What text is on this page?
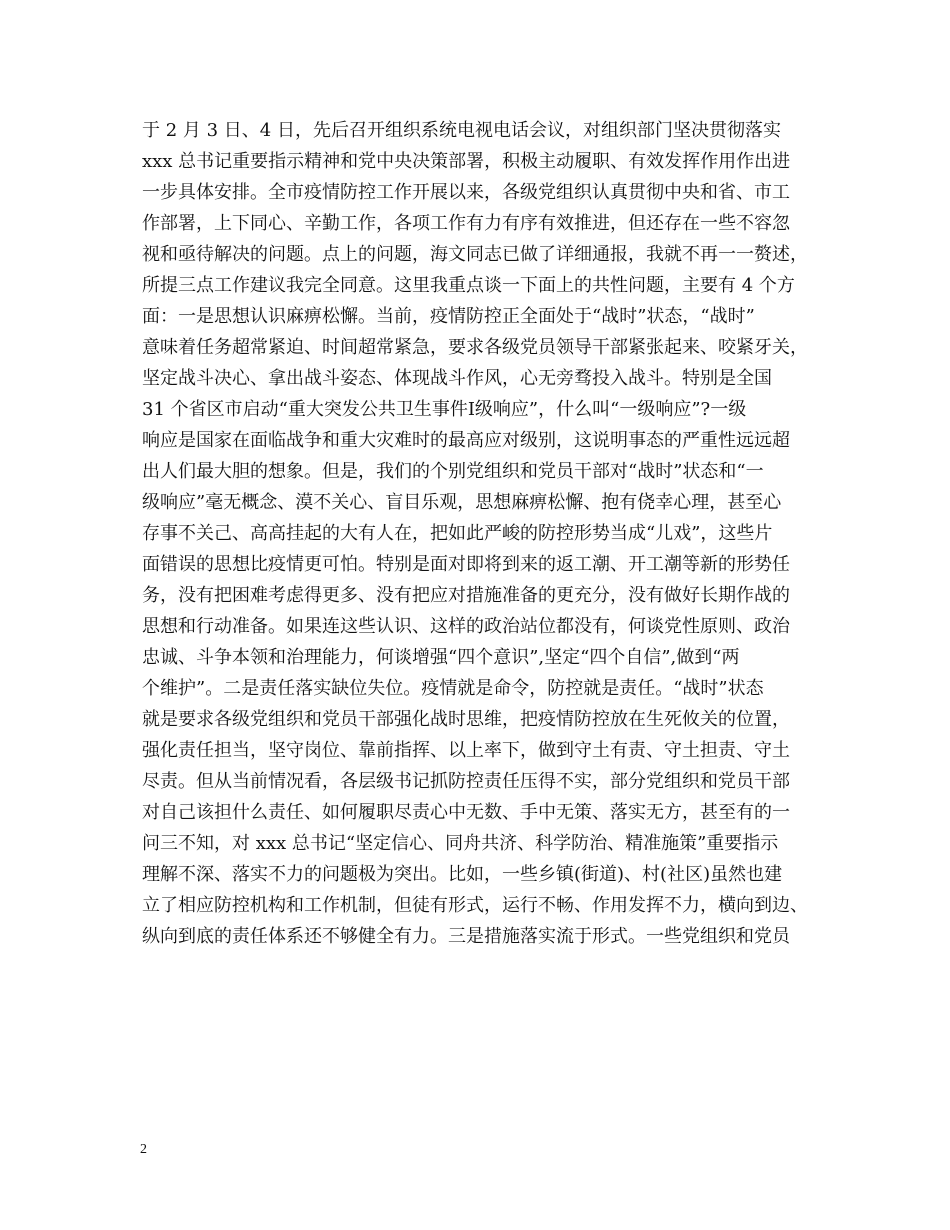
于 2 月 3 日、4 日，先后召开组织系统电视电话会议，对组织部门坚决贯彻落实
xxx 总书记重要指示精神和党中央决策部署，积极主动履职、有效发挥作用作出进
一步具体安排。全市疫情防控工作开展以来，各级党组织认真贯彻中央和省、市工
作部署，上下同心、辛勤工作，各项工作有力有序有效推进，但还存在一些不容忽
视和亟待解决的问题。点上的问题，海文同志已做了详细通报，我就不再一一赘述，
所提三点工作建议我完全同意。这里我重点谈一下面上的共性问题，主要有 4 个方
面：一是思想认识麻痹松懈。当前，疫情防控正全面处于“战时”状态，“战时”
意味着任务超常紧迫、时间超常紧急，要求各级党员领导干部紧张起来、咬紧牙关，
坚定战斗决心、拿出战斗姿态、体现战斗作风，心无旁骛投入战斗。特别是全国
31 个省区市启动“重大突发公共卫生事件Ⅰ级响应”，什么叫“一级响应”?一级
响应是国家在面临战争和重大灾难时的最高应对级别，这说明事态的严重性远远超
出人们最大胆的想象。但是，我们的个别党组织和党员干部对“战时”状态和“一
级响应”毫无概念、漠不关心、盲目乐观，思想麻痹松懈、抱有侥幸心理，甚至心
存事不关己、高高挂起的大有人在，把如此严峻的防控形势当成“儿戏”，这些片
面错误的思想比疫情更可怕。特别是面对即将到来的返工潮、开工潮等新的形势任
务，没有把困难考虑得更多、没有把应对措施准备的更充分，没有做好长期作战的
思想和行动准备。如果连这些认识、这样的政治站位都没有，何谈党性原则、政治
忠诚、斗争本领和治理能力，何谈增强“四个意识”,坚定“四个自信”,做到“两
个维护”。二是责任落实缺位失位。疫情就是命令，防控就是责任。“战时”状态
就是要求各级党组织和党员干部强化战时思维，把疫情防控放在生死攸关的位置，
强化责任担当，坚守岗位、靠前指挥、以上率下，做到守土有责、守土担责、守土
尽责。但从当前情况看，各层级书记抓防控责任压得不实，部分党组织和党员干部
对自己该担什么责任、如何履职尽责心中无数、手中无策、落实无方，甚至有的一
问三不知，对 xxx 总书记“坚定信心、同舟共济、科学防治、精准施策”重要指示
理解不深、落实不力的问题极为突出。比如，一些乡镇(街道)、村(社区)虽然也建
立了相应防控机构和工作机制，但徒有形式，运行不畅、作用发挥不力，横向到边、
纵向到底的责任体系还不够健全有力。三是措施落实流于形式。一些党组织和党员
2
